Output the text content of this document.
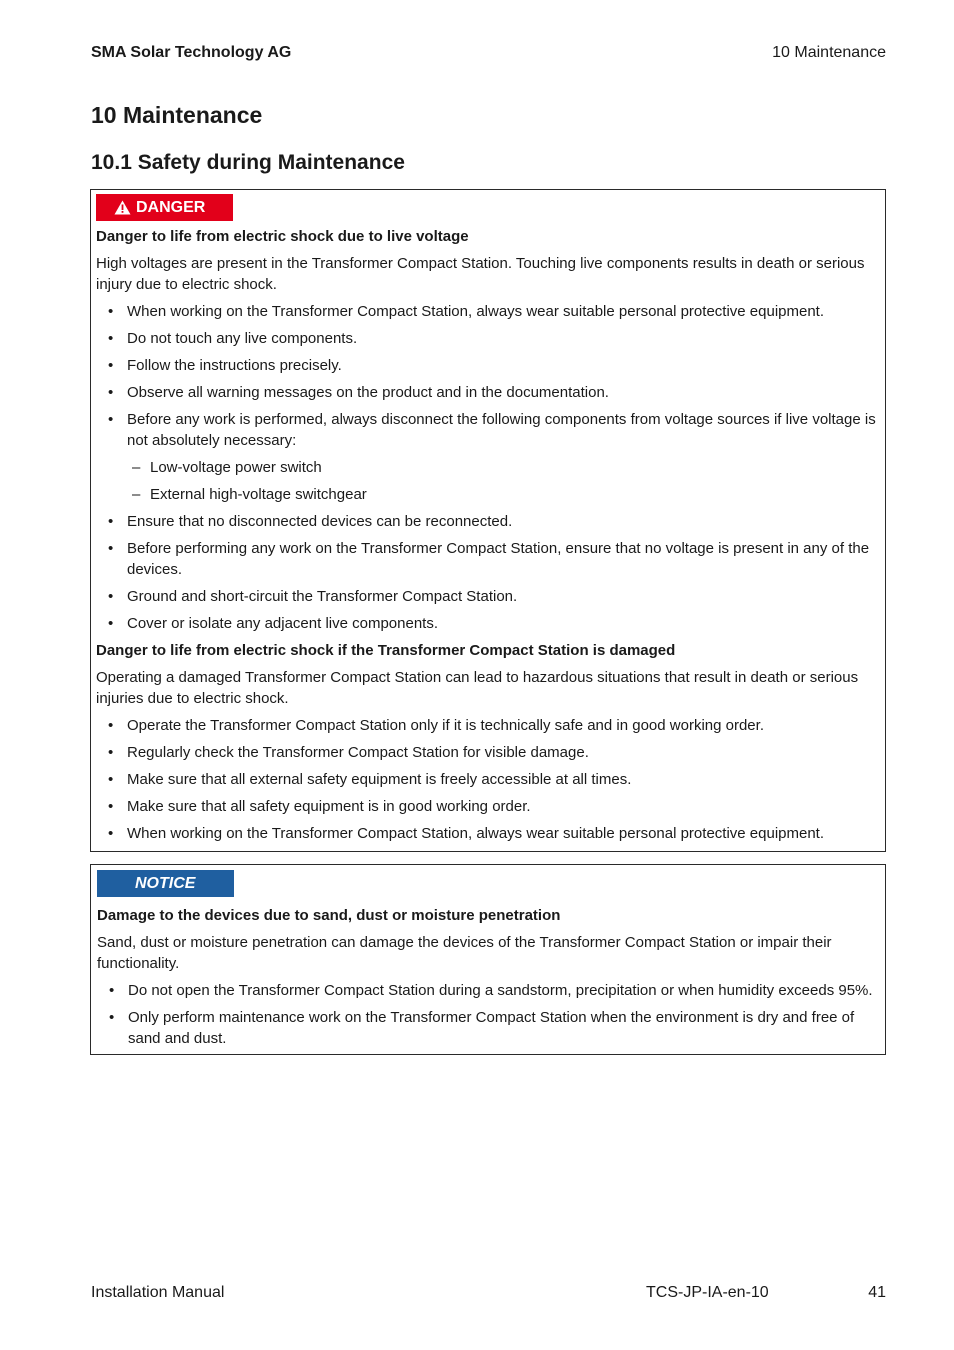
SMA Solar Technology AG	10 Maintenance
10 Maintenance
10.1 Safety during Maintenance
DANGER
Danger to life from electric shock due to live voltage
High voltages are present in the Transformer Compact Station. Touching live components results in death or serious injury due to electric shock.
• When working on the Transformer Compact Station, always wear suitable personal protective equipment.
• Do not touch any live components.
• Follow the instructions precisely.
• Observe all warning messages on the product and in the documentation.
• Before any work is performed, always disconnect the following components from voltage sources if live voltage is not absolutely necessary:
– Low-voltage power switch
– External high-voltage switchgear
• Ensure that no disconnected devices can be reconnected.
• Before performing any work on the Transformer Compact Station, ensure that no voltage is present in any of the devices.
• Ground and short-circuit the Transformer Compact Station.
• Cover or isolate any adjacent live components.
Danger to life from electric shock if the Transformer Compact Station is damaged
Operating a damaged Transformer Compact Station can lead to hazardous situations that result in death or serious injuries due to electric shock.
• Operate the Transformer Compact Station only if it is technically safe and in good working order.
• Regularly check the Transformer Compact Station for visible damage.
• Make sure that all external safety equipment is freely accessible at all times.
• Make sure that all safety equipment is in good working order.
• When working on the Transformer Compact Station, always wear suitable personal protective equipment.
NOTICE
Damage to the devices due to sand, dust or moisture penetration
Sand, dust or moisture penetration can damage the devices of the Transformer Compact Station or impair their functionality.
• Do not open the Transformer Compact Station during a sandstorm, precipitation or when humidity exceeds 95%.
• Only perform maintenance work on the Transformer Compact Station when the environment is dry and free of sand and dust.
Installation Manual	TCS-JP-IA-en-10	41
